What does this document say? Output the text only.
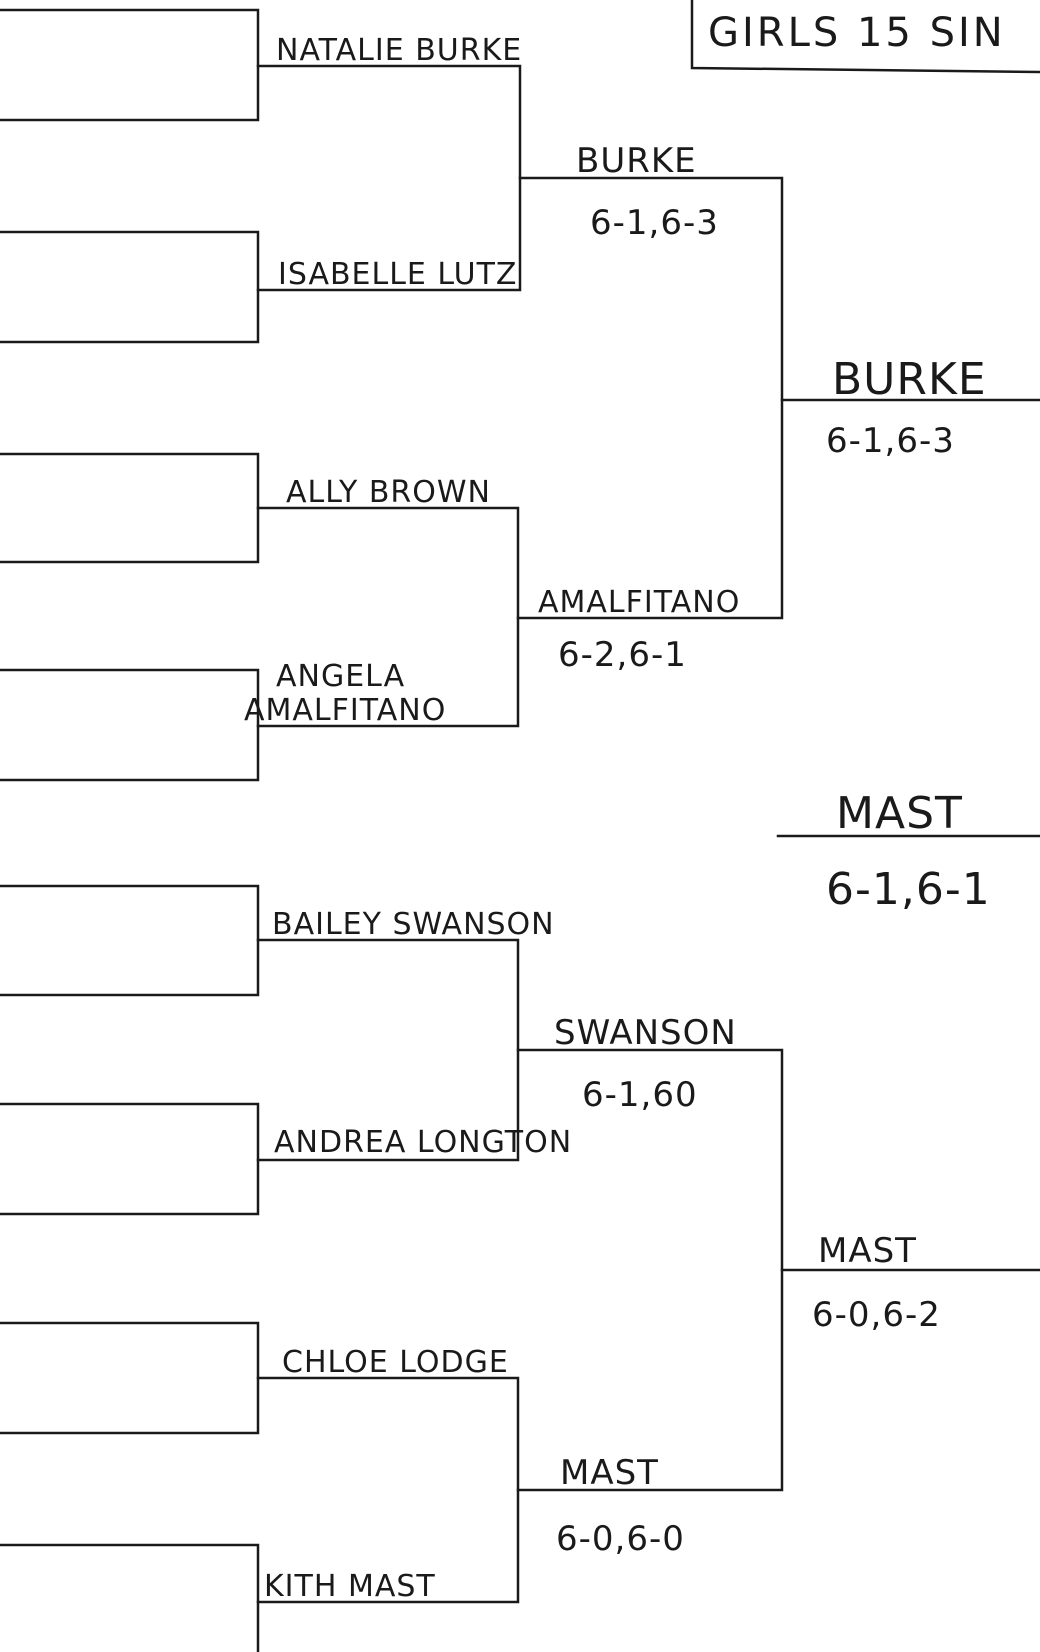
GIRLS 15 SIN
NATALIE BURKE
ISABELLE LUTZ
ALLY BROWN
ANGELA
AMALFITANO
BAILEY SWANSON
ANDREA LONGTON
CHLOE LODGE
KITH MAST
BURKE
6-1,6-3
AMALFITANO
6-2,6-1
SWANSON
6-1,60
MAST
6-0,6-0
BURKE
6-1,6-3
MAST
6-0,6-2
MAST
6-1,6-1
